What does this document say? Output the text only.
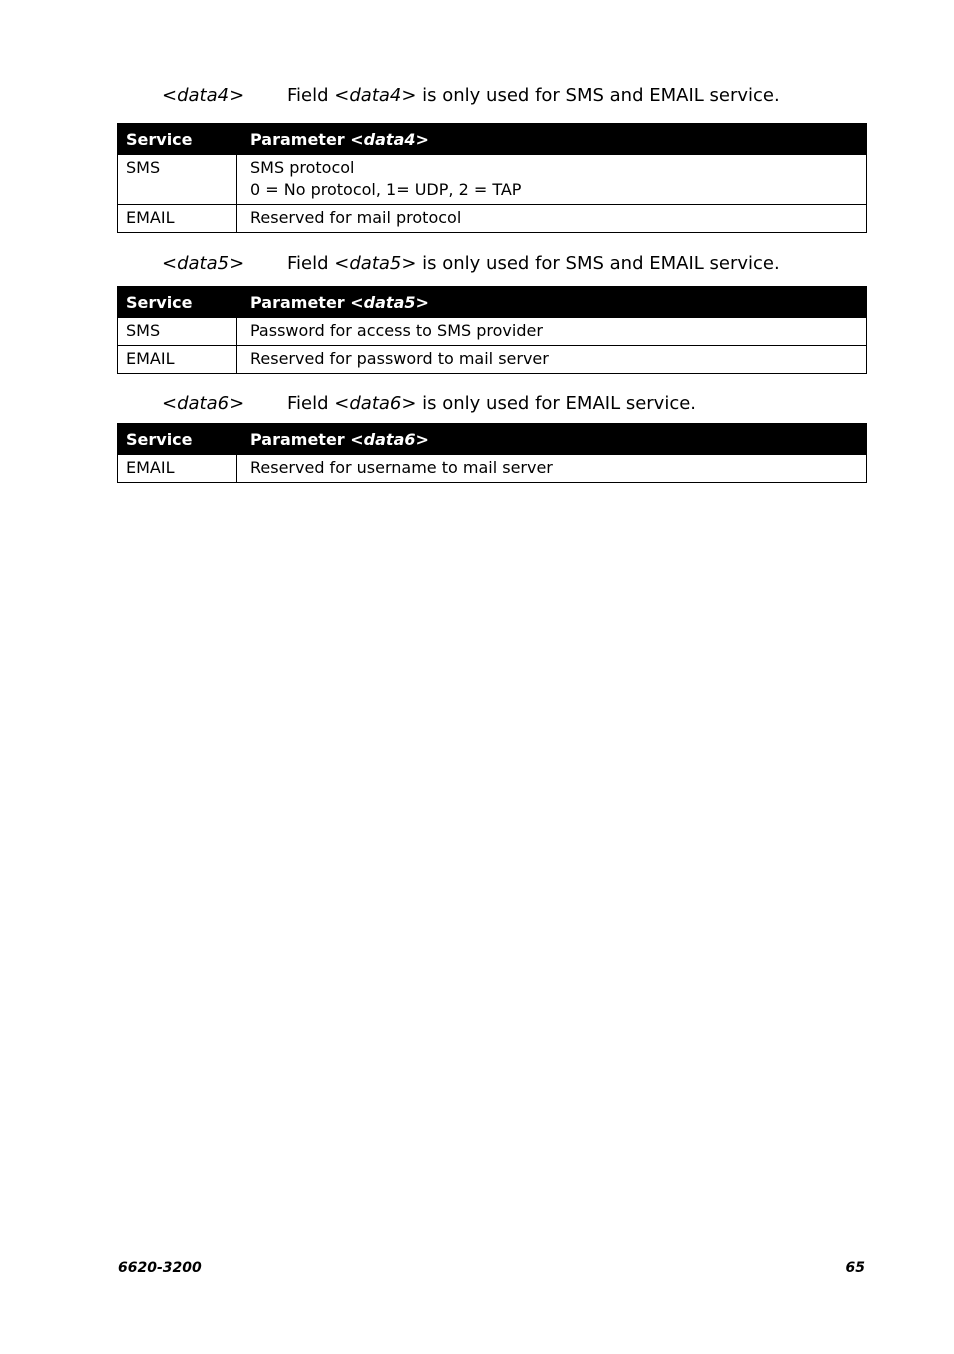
<data4> Field <data4> is only used for SMS and EMAIL service.
Service	Parameter <data4>
SMS	SMS protocol
0 = No protocol, 1= UDP, 2 = TAP

EMAIL	Reserved for mail protocol
<data5> Field <data5> is only used for SMS and EMAIL service.
Service	Parameter <data5>
SMS	Password for access to SMS provider

EMAIL	Reserved for password to mail server
<data6> Field <data6> is only used for EMAIL service.
Service	Parameter <data6>
EMAIL	Reserved for username to mail server
6620-3200	65
